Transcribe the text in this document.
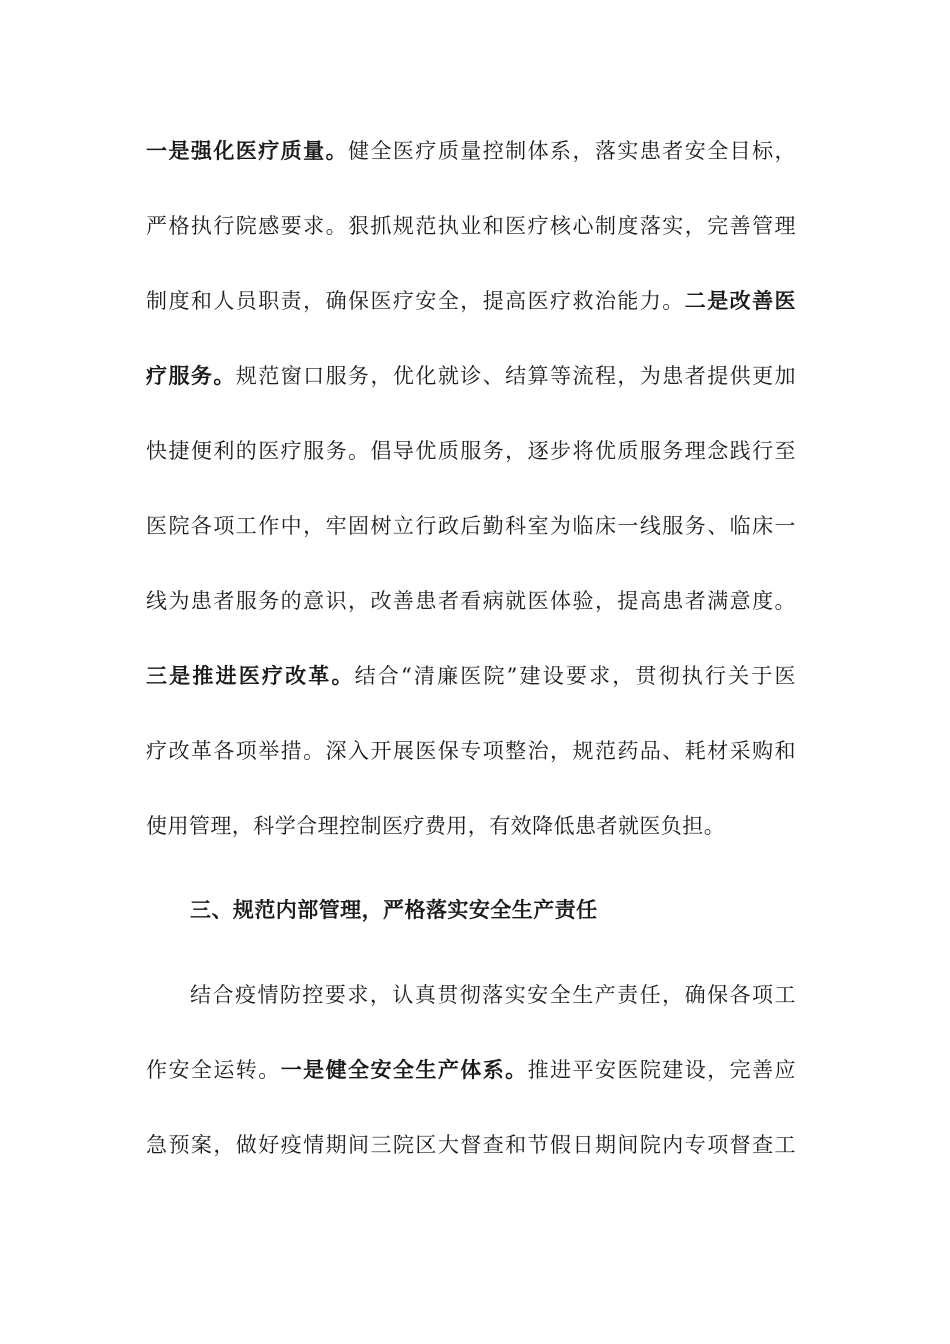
一是强化医疗质量。健全医疗质量控制体系，落实患者安全目标，
严格执行院感要求。狠抓规范执业和医疗核心制度落实，完善管理
制度和人员职责，确保医疗安全，提高医疗救治能力。二是改善医
疗服务。规范窗口服务，优化就诊、结算等流程，为患者提供更加
快捷便利的医疗服务。倡导优质服务，逐步将优质服务理念践行至
医院各项工作中，牢固树立行政后勤科室为临床一线服务、临床一
线为患者服务的意识，改善患者看病就医体验，提高患者满意度。
三是推进医疗改革。结合“清廉医院”建设要求，贯彻执行关于医
疗改革各项举措。深入开展医保专项整治，规范药品、耗材采购和
使用管理，科学合理控制医疗费用，有效降低患者就医负担。
三、规范内部管理，严格落实安全生产责任
结合疫情防控要求，认真贯彻落实安全生产责任，确保各项工
作安全运转。一是健全安全生产体系。推进平安医院建设，完善应
急预案，做好疫情期间三院区大督查和节假日期间院内专项督查工
